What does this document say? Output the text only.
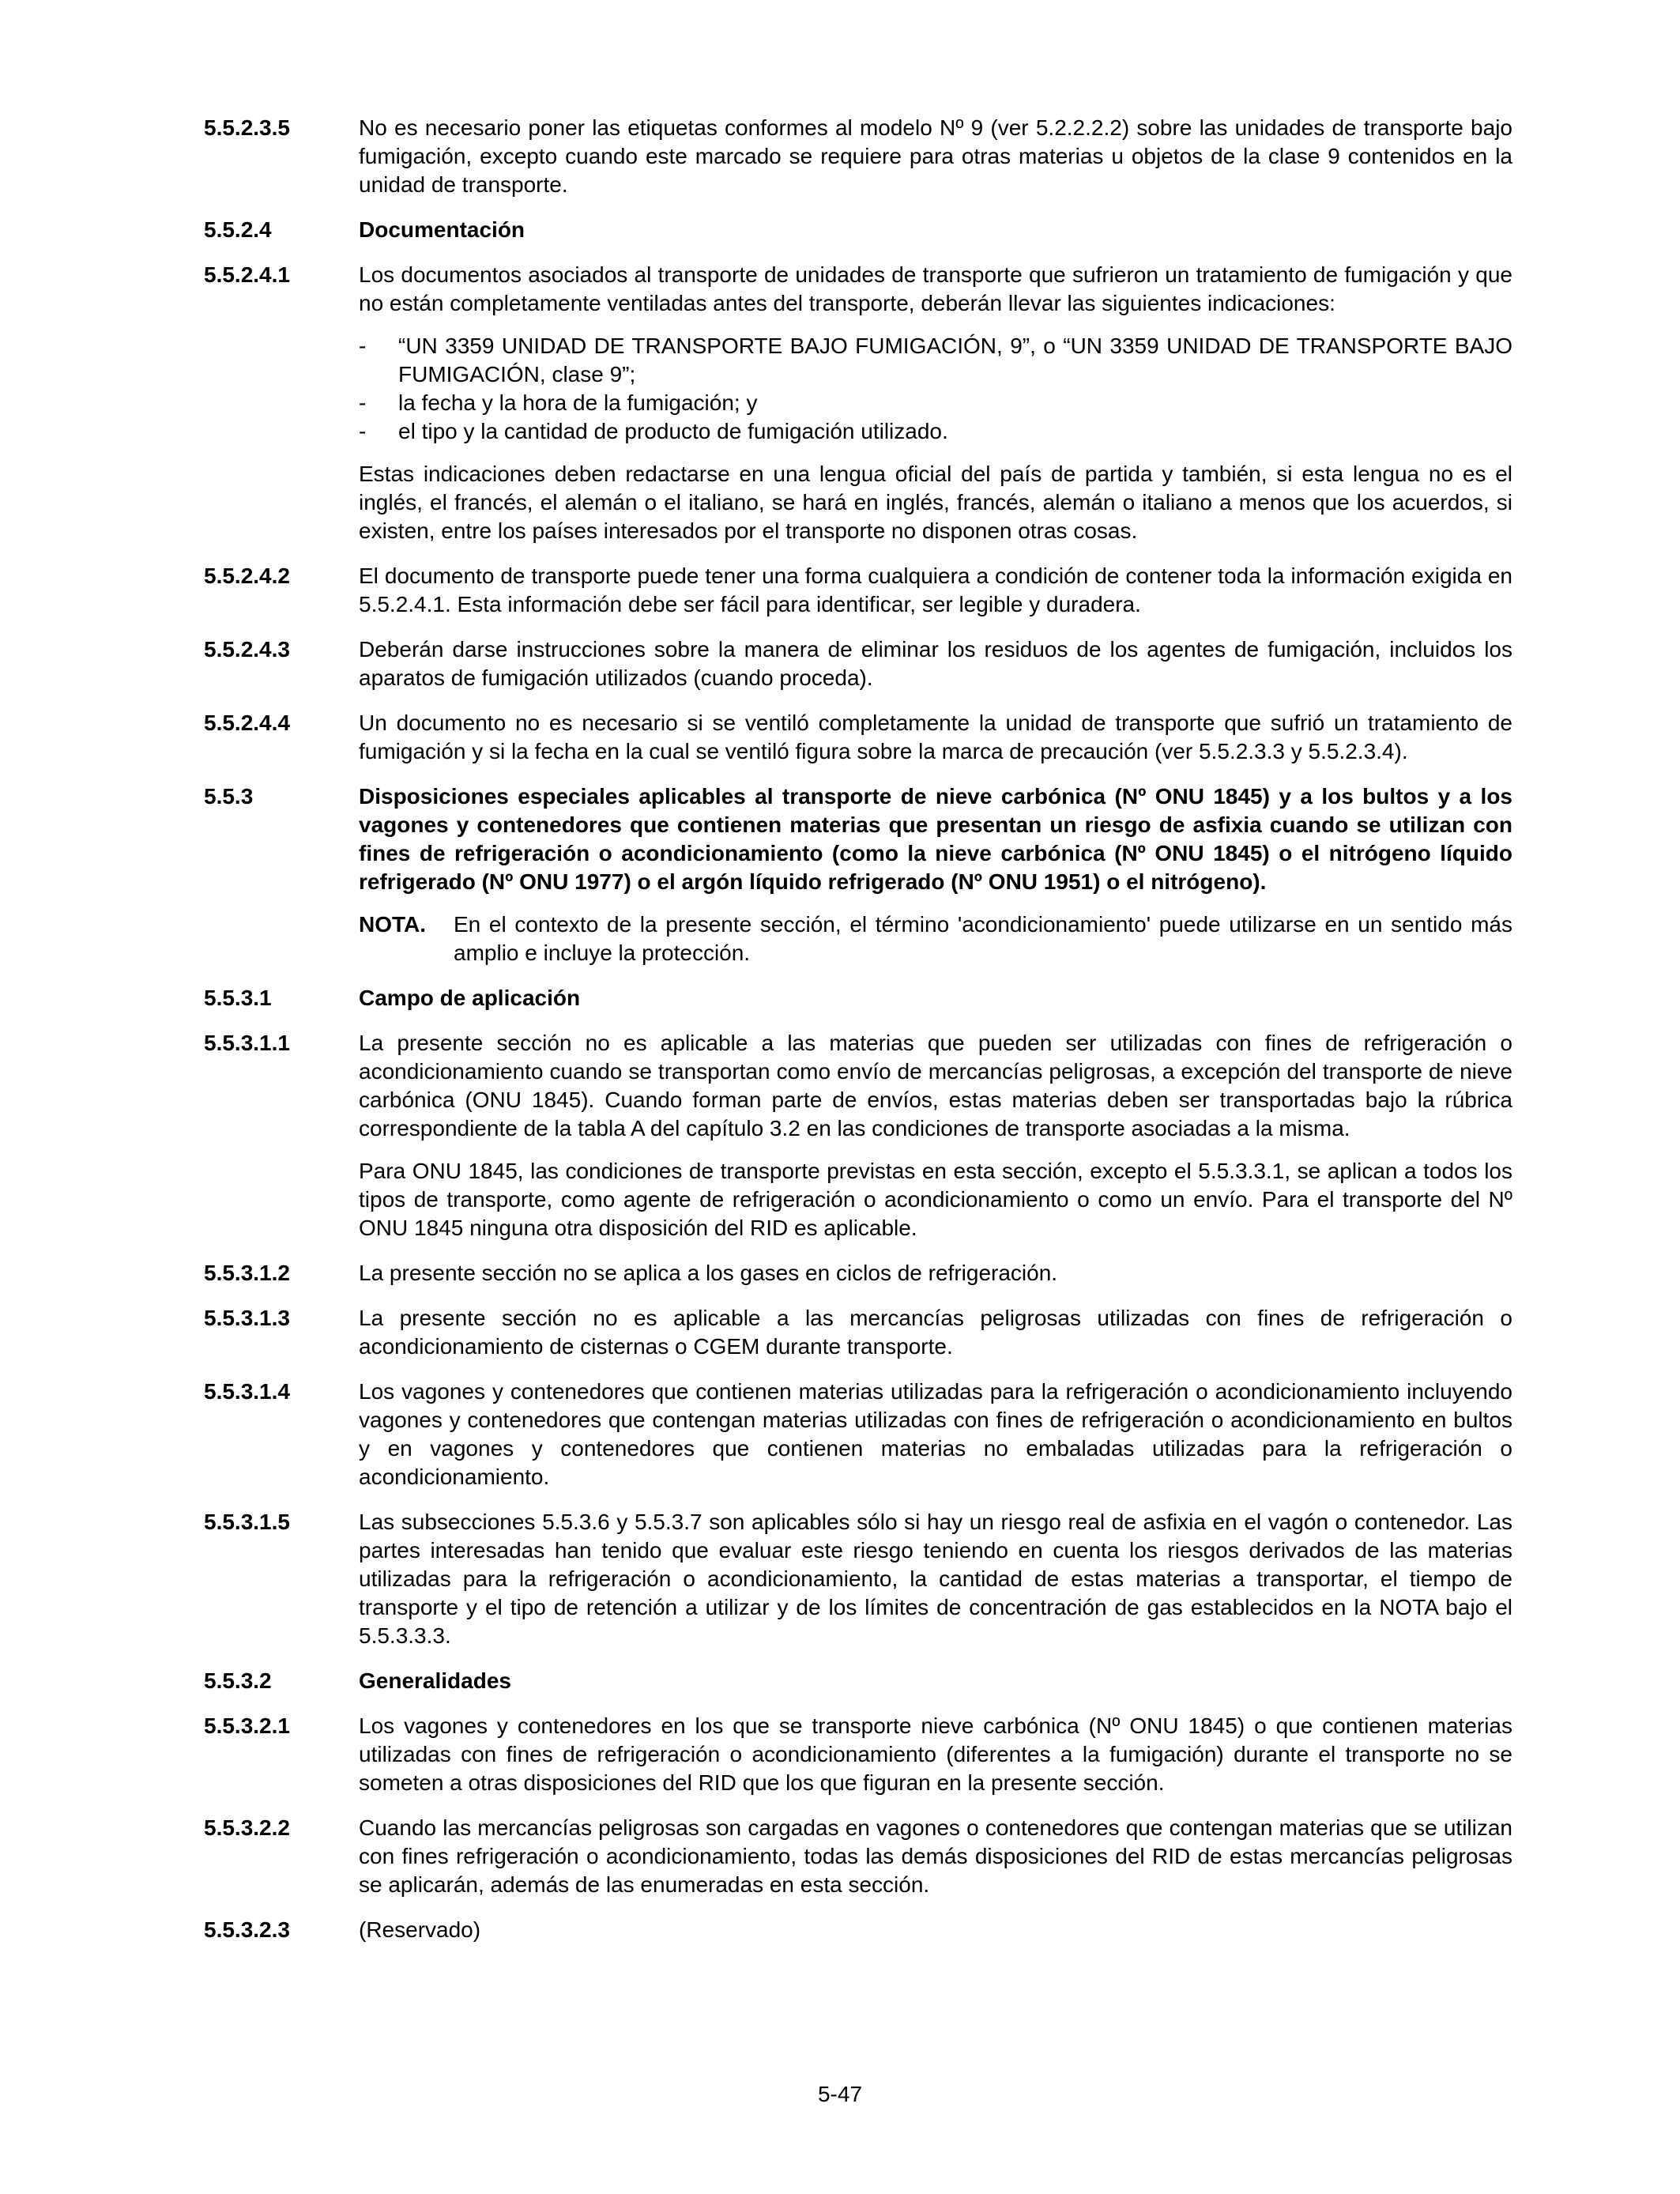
5.5.2.3.5	No es necesario poner las etiquetas conformes al modelo Nº 9 (ver 5.2.2.2.2) sobre las unidades de transporte bajo fumigación, excepto cuando este marcado se requiere para otras materias u objetos de la clase 9 contenidos en la unidad de transporte.
5.5.2.4	Documentación
5.5.2.4.1	Los documentos asociados al transporte de unidades de transporte que sufrieron un tratamiento de fumigación y que no están completamente ventiladas antes del transporte, deberán llevar las siguientes indicaciones:
- “UN 3359 UNIDAD DE TRANSPORTE BAJO FUMIGACIÓN, 9”, o “UN 3359 UNIDAD DE TRANSPORTE BAJO FUMIGACIÓN, clase 9”;
- la fecha y la hora de la fumigación; y
- el tipo y la cantidad de producto de fumigación utilizado.
Estas indicaciones deben redactarse en una lengua oficial del país de partida y también, si esta lengua no es el inglés, el francés, el alemán o el italiano, se hará en inglés, francés, alemán o italiano a menos que los acuerdos, si existen, entre los países interesados por el transporte no disponen otras cosas.
5.5.2.4.2	El documento de transporte puede tener una forma cualquiera a condición de contener toda la información exigida en 5.5.2.4.1. Esta información debe ser fácil para identificar, ser legible y duradera.
5.5.2.4.3	Deberán darse instrucciones sobre la manera de eliminar los residuos de los agentes de fumigación, incluidos los aparatos de fumigación utilizados (cuando proceda).
5.5.2.4.4	Un documento no es necesario si se ventiló completamente la unidad de transporte que sufrió un tratamiento de fumigación y si la fecha en la cual se ventiló figura sobre la marca de precaución (ver 5.5.2.3.3 y 5.5.2.3.4).
5.5.3	Disposiciones especiales aplicables al transporte de nieve carbónica (Nº ONU 1845) y a los bultos y a los vagones y contenedores que contienen materias que presentan un riesgo de asfixia cuando se utilizan con fines de refrigeración o acondicionamiento (como la nieve carbónica (Nº ONU 1845) o el nitrógeno líquido refrigerado (Nº ONU 1977) o el argón líquido refrigerado (Nº ONU 1951) o el nitrógeno).
NOTA.	En el contexto de la presente sección, el término 'acondicionamiento' puede utilizarse en un sentido más amplio e incluye la protección.
5.5.3.1	Campo de aplicación
5.5.3.1.1	La presente sección no es aplicable a las materias que pueden ser utilizadas con fines de refrigeración o acondicionamiento cuando se transportan como envío de mercancías peligrosas, a excepción del transporte de nieve carbónica (ONU 1845). Cuando forman parte de envíos, estas materias deben ser transportadas bajo la rúbrica correspondiente de la tabla A del capítulo 3.2 en las condiciones de transporte asociadas a la misma.
Para ONU 1845, las condiciones de transporte previstas en esta sección, excepto el 5.5.3.3.1, se aplican a todos los tipos de transporte, como agente de refrigeración o acondicionamiento o como un envío. Para el transporte del Nº ONU 1845 ninguna otra disposición del RID es aplicable.
5.5.3.1.2	La presente sección no se aplica a los gases en ciclos de refrigeración.
5.5.3.1.3	La presente sección no es aplicable a las mercancías peligrosas utilizadas con fines de refrigeración o acondicionamiento de cisternas o CGEM durante transporte.
5.5.3.1.4	Los vagones y contenedores que contienen materias utilizadas para la refrigeración o acondicionamiento incluyendo vagones y contenedores que contengan materias utilizadas con fines de refrigeración o acondicionamiento en bultos y en vagones y contenedores que contienen materias no embaladas utilizadas para la refrigeración o acondicionamiento.
5.5.3.1.5	Las subsecciones 5.5.3.6 y 5.5.3.7 son aplicables sólo si hay un riesgo real de asfixia en el vagón o contenedor. Las partes interesadas han tenido que evaluar este riesgo teniendo en cuenta los riesgos derivados de las materias utilizadas para la refrigeración o acondicionamiento, la cantidad de estas materias a transportar, el tiempo de transporte y el tipo de retención a utilizar y de los límites de concentración de gas establecidos en la NOTA bajo el 5.5.3.3.3.
5.5.3.2	Generalidades
5.5.3.2.1	Los vagones y contenedores en los que se transporte nieve carbónica (Nº ONU 1845) o que contienen materias utilizadas con fines de refrigeración o acondicionamiento (diferentes a la fumigación) durante el transporte no se someten a otras disposiciones del RID que los que figuran en la presente sección.
5.5.3.2.2	Cuando las mercancías peligrosas son cargadas en vagones o contenedores que contengan materias que se utilizan con fines refrigeración o acondicionamiento, todas las demás disposiciones del RID de estas mercancías peligrosas se aplicarán, además de las enumeradas en esta sección.
5.5.3.2.3	(Reservado)
5-47
